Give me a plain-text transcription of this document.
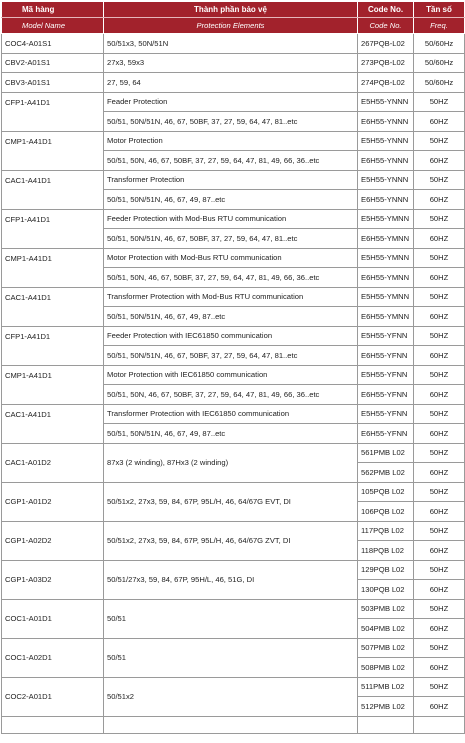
Mã hàng	Thành phần bảo vệ	Code No.	Tần số
Model Name	Protection Elements	Code No.	Freq.
COC4-A01S1	50/51x3, 50N/51N	267PQB-L02	50/60Hz
CBV2-A01S1	27x3, 59x3	273PQB-L02	50/60Hz
CBV3-A01S1	27, 59, 64	274PQB-L02	50/60Hz
CFP1-A41D1	Feader Protection	E5H55-YNNN	50HZ
	50/51, 50N/51N, 46, 67, 50BF, 37, 27, 59, 64, 47, 81..etc	E6H55-YNNN	60HZ
CMP1-A41D1	Motor Protection	E5H55-YNNN	50HZ
	50/51, 50N, 46, 67, 50BF, 37, 27, 59, 64, 47, 81, 49, 66, 36..etc	E6H55-YNNN	60HZ
CAC1-A41D1	Transformer Protection	E5H55-YNNN	50HZ
	50/51, 50N/51N, 46, 67, 49, 87..etc	E6H55-YNNN	60HZ
CFP1-A41D1	Feeder Protection with Mod-Bus RTU communication	E5H55-YMNN	50HZ
	50/51, 50N/51N, 46, 67, 50BF, 37, 27, 59, 64, 47, 81..etc	E6H55-YMNN	60HZ
CMP1-A41D1	Motor Protection with Mod-Bus RTU communication	E5H55-YMNN	50HZ
	50/51, 50N, 46, 67, 50BF, 37, 27, 59, 64, 47, 81, 49, 66, 36..etc	E6H55-YMNN	60HZ
CAC1-A41D1	Transformer Protection with Mod-Bus RTU communication	E5H55-YMNN	50HZ
	50/51, 50N/51N, 46, 67, 49, 87..etc	E6H55-YMNN	60HZ
CFP1-A41D1	Feeder Protection with IEC61850 communication	E5H55-YFNN	50HZ
	50/51, 50N/51N, 46, 67, 50BF, 37, 27, 59, 64, 47, 81..etc	E6H55-YFNN	60HZ
CMP1-A41D1	Motor Protection with IEC61850 communication	E5H55-YFNN	50HZ
	50/51, 50N, 46, 67, 50BF, 37, 27, 59, 64, 47, 81, 49, 66, 36..etc	E6H55-YFNN	60HZ
CAC1-A41D1	Transformer Protection with IEC61850 communication	E5H55-YFNN	50HZ
	50/51, 50N/51N, 46, 67, 49, 87..etc	E6H55-YFNN	60HZ
CAC1-A01D2	87x3 (2 winding), 87Hx3 (2 winding)	561PMB L02	50HZ
		562PMB L02	60HZ
CGP1-A01D2	50/51x2, 27x3, 59, 84, 67P, 95L/H, 46, 64/67G EVT, DI	105PQB L02	50HZ
		106PQB L02	60HZ
CGP1-A02D2	50/51x2, 27x3, 59, 84, 67P, 95L/H, 46, 64/67G ZVT, DI	117PQB L02	50HZ
		118PQB L02	60HZ
CGP1-A03D2	50/51/27x3, 59, 84, 67P, 95H/L, 46, 51G, DI	129PQB L02	50HZ
		130PQB L02	60HZ
COC1-A01D1	50/51	503PMB L02	50HZ
		504PMB L02	60HZ
COC1-A02D1	50/51	507PMB L02	50HZ
		508PMB L02	60HZ
COC2-A01D1	50/51x2	511PMB L02	50HZ
		512PMB L02	60HZ
